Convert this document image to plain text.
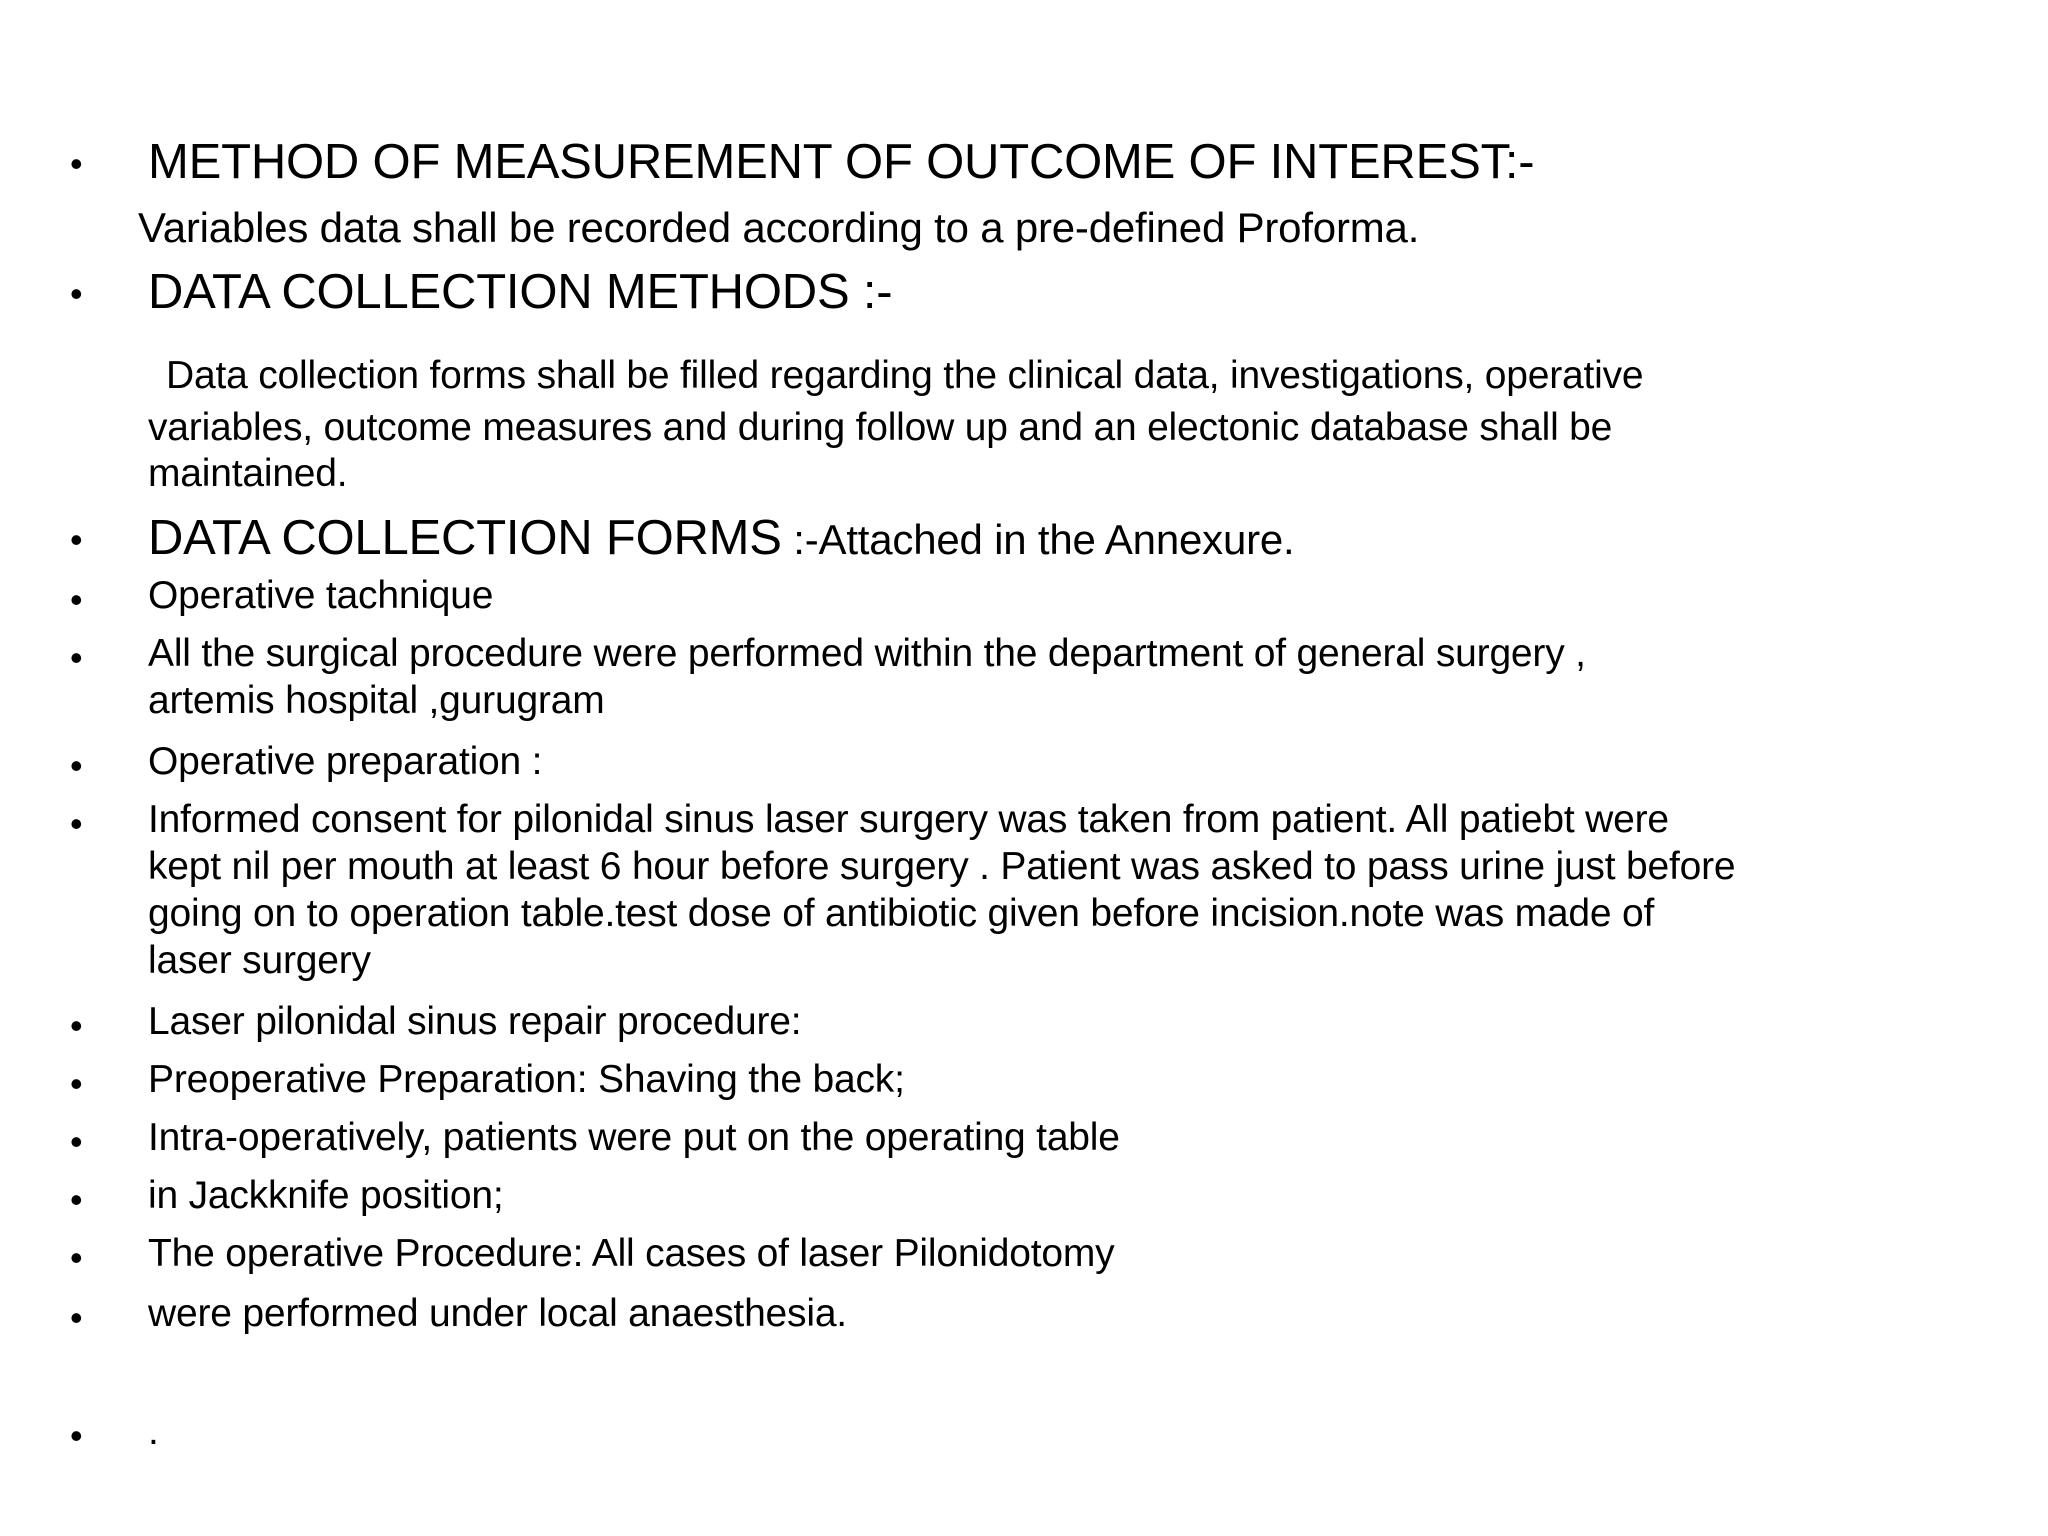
• METHOD OF MEASUREMENT OF OUTCOME OF INTEREST:-
Variables data shall be recorded according to a pre-defined Proforma.
• DATA COLLECTION METHODS :-
Data collection forms shall be filled regarding the clinical data, investigations, operative
variables, outcome measures and during follow up and an electonic database shall be
maintained.
• DATA COLLECTION FORMS :-Attached in the Annexure.
• Operative tachnique
• All the surgical procedure were performed within the department of general surgery ,
artemis hospital ,gurugram
• Operative preparation :
• Informed consent for pilonidal sinus laser surgery was taken from patient. All patiebt were
kept nil per mouth at least 6 hour before surgery . Patient was asked to pass urine just before
going on to operation table.test dose of antibiotic given before incision.note was made of
laser surgery
• Laser pilonidal sinus repair procedure:
• Preoperative Preparation: Shaving the back;
• Intra-operatively, patients were put on the operating table
• in Jackknife position;
• The operative Procedure: All cases of laser Pilonidotomy
• were performed under local anaesthesia.
• .
